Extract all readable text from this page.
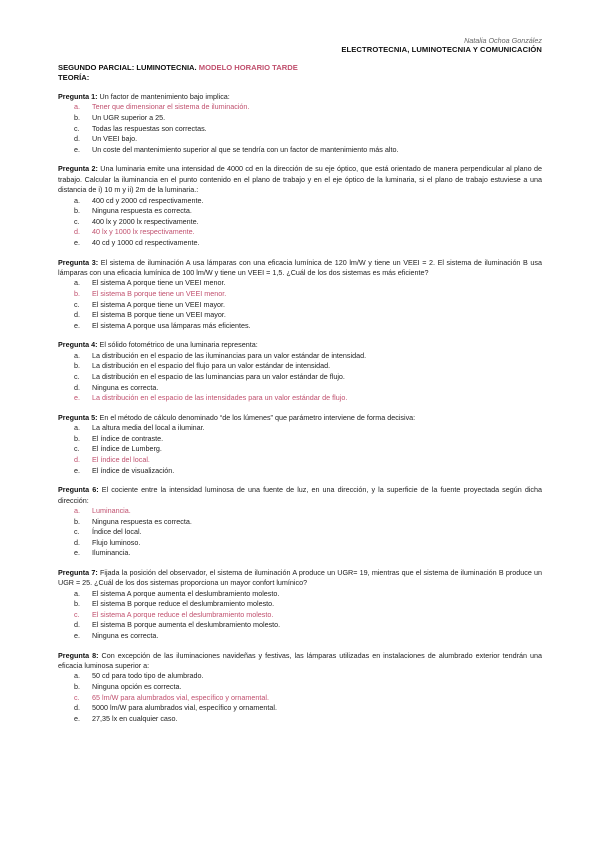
Natalia Ochoa González
ELECTROTECNIA, LUMINOTECNIA Y COMUNICACIÓN
SEGUNDO PARCIAL: LUMINOTECNIA. MODELO HORARIO TARDE
TEORÍA:
Pregunta 1: Un factor de mantenimiento bajo implica:
a.	Tener que dimensionar el sistema de iluminación.
b.	Un UGR superior a 25.
c.	Todas las respuestas son correctas.
d.	Un VEEI bajo.
e.	Un coste del mantenimiento superior al que se tendría con un factor de mantenimiento más alto.
Pregunta 2: Una luminaria emite una intensidad de 4000 cd en la dirección de su eje óptico, que está orientado de manera perpendicular al plano de trabajo. Calcular la iluminancia en el punto contenido en el plano de trabajo y en el eje óptico de la luminaria, si el plano de trabajo estuviese a una distancia de i) 10 m y ii) 2m de la luminaria.:
a.	400 cd y 2000 cd respectivamente.
b.	Ninguna respuesta es correcta.
c.	400 lx y 2000 lx respectivamente.
d.	40 lx y 1000 lx respectivamente.
e.	40 cd y 1000 cd respectivamente.
Pregunta 3: El sistema de iluminación A usa lámparas con una eficacia lumínica de 120 lm/W y tiene un VEEI = 2. El sistema de iluminación B usa lámparas con una eficacia lumínica de 100 lm/W y tiene un VEEI = 1,5. ¿Cuál de los dos sistemas es más eficiente?
a.	El sistema A porque tiene un VEEI menor.
b.	El sistema B porque tiene un VEEI menor.
c.	El sistema A porque tiene un VEEI mayor.
d.	El sistema B porque tiene un VEEI mayor.
e.	El sistema A porque usa lámparas más eficientes.
Pregunta 4: El sólido fotométrico de una luminaria representa:
a.	La distribución en el espacio de las iluminancias para un valor estándar de intensidad.
b.	La distribución en el espacio del flujo para un valor estándar de intensidad.
c.	La distribución en el espacio de las luminancias para un valor estándar de flujo.
d.	Ninguna es correcta.
e.	La distribución en el espacio de las intensidades para un valor estándar de flujo.
Pregunta 5: En el método de cálculo denominado “de los lúmenes” que parámetro interviene de forma decisiva:
a.	La altura media del local a iluminar.
b.	El índice de contraste.
c.	El índice de Lumberg.
d.	El índice del local.
e.	El índice de visualización.
Pregunta 6: El cociente entre la intensidad luminosa de una fuente de luz, en una dirección, y la superficie de la fuente proyectada según dicha dirección:
a.	Luminancia.
b.	Ninguna respuesta es correcta.
c.	Índice del local.
d.	Flujo luminoso.
e.	Iluminancia.
Pregunta 7: Fijada la posición del observador, el sistema de iluminación A produce un UGR= 19, mientras que el sistema de iluminación B produce un UGR = 25. ¿Cuál de los dos sistemas proporciona un mayor confort lumínico?
a.	El sistema A porque aumenta el deslumbramiento molesto.
b.	El sistema B porque reduce el deslumbramiento molesto.
c.	El sistema A porque reduce el deslumbramiento molesto.
d.	El sistema B porque aumenta el deslumbramiento molesto.
e.	Ninguna es correcta.
Pregunta 8: Con excepción de las iluminaciones navideñas y festivas, las lámparas utilizadas en instalaciones de alumbrado exterior tendrán una eficacia luminosa superior a:
a.	50 cd para todo tipo de alumbrado.
b.	Ninguna opción es correcta.
c.	65 lm/W para alumbrados vial, específico y ornamental.
d.	5000 lm/W para alumbrados vial, específico y ornamental.
e.	27,35 lx en cualquier caso.
